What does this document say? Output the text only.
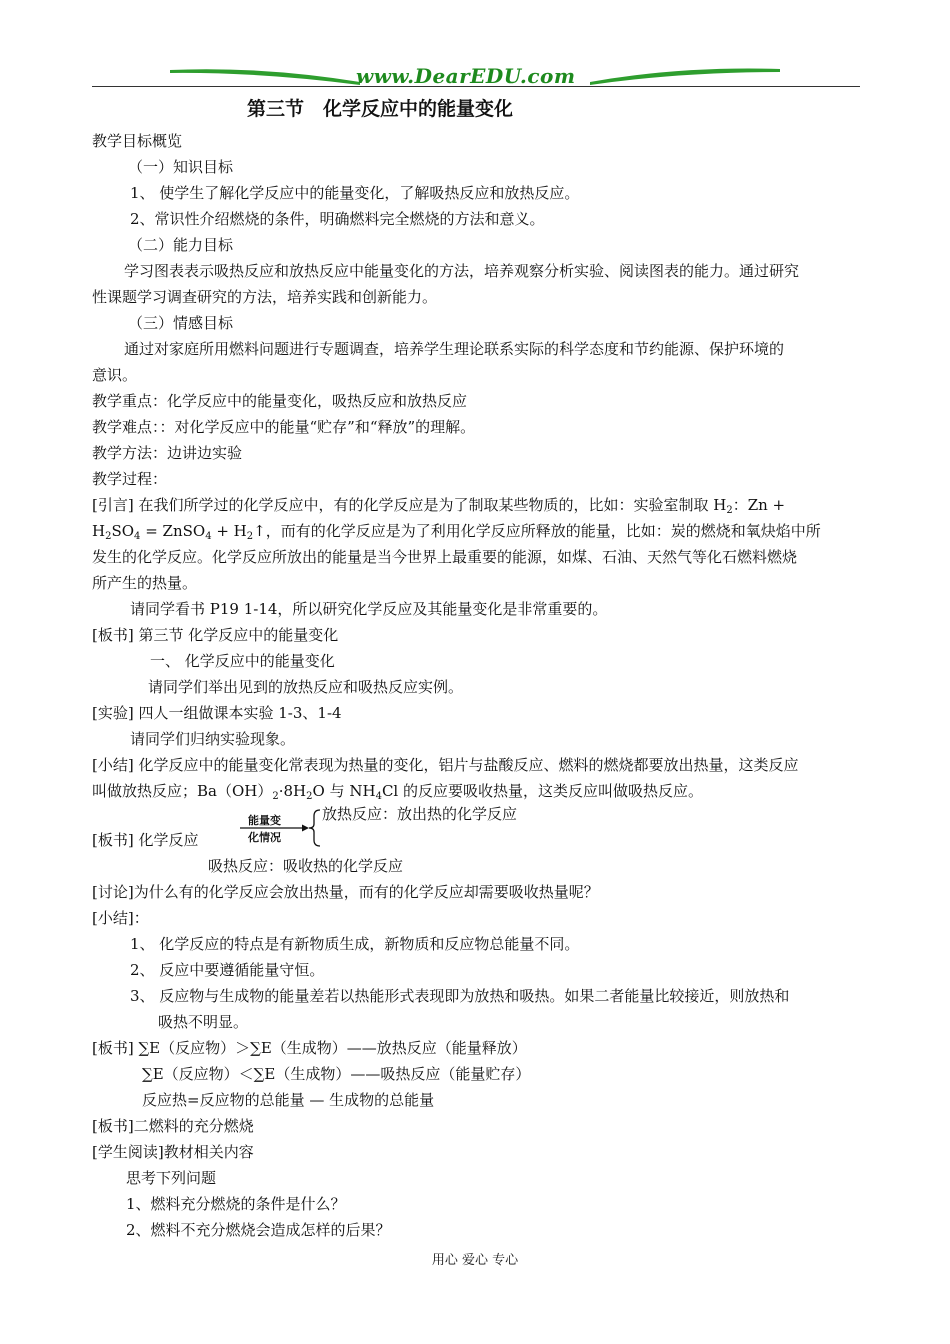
www.DearEDU.com
第三节　化学反应中的能量变化
教学目标概览
（一）知识目标
1、 使学生了解化学反应中的能量变化，了解吸热反应和放热反应。
2、常识性介绍燃烧的条件，明确燃料完全燃烧的方法和意义。
（二）能力目标
学习图表表示吸热反应和放热反应中能量变化的方法，培养观察分析实验、阅读图表的能力。通过研究
性课题学习调查研究的方法，培养实践和创新能力。
（三）情感目标
通过对家庭所用燃料问题进行专题调查，培养学生理论联系实际的科学态度和节约能源、保护环境的
意识。
教学重点：化学反应中的能量变化，吸热反应和放热反应
教学难点：：对化学反应中的能量“贮存”和“释放”的理解。
教学方法：边讲边实验
教学过程：
[引言] 在我们所学过的化学反应中，有的化学反应是为了制取某些物质的，比如：实验室制取 $H_2$：Zn +
$H_2SO_4$ = ZnSO$_4$ + $H_2↑$，而有的化学反应是为了利用化学反应所释放的能量，比如：炭的燃烧和氧炔焰中所
发生的化学反应。化学反应所放出的能量是当今世界上最重要的能源，如煤、石油、天然气等化石燃料燃烧
所产生的热量。
请同学看书 P19 1-14，所以研究化学反应及其能量变化是非常重要的。
[板书] 第三节 化学反应中的能量变化
一、 化学反应中的能量变化
请同学们举出见到的放热反应和吸热反应实例。
[实验] 四人一组做课本实验 1-3、1-4
请同学们归纳实验现象。
[小结] 化学反应中的能量变化常表现为热量的变化，铝片与盐酸反应、燃料的燃烧都要放出热量，这类反应
叫做放热反应；$Ba(OH)_2\cdot 8H_2O$ 与 $NH_4Cl$ 的反应要吸收热量，这类反应叫做吸热反应。
[板书] 化学反应
能量变
化情况
放热反应：放出热的化学反应
吸热反应：吸收热的化学反应
[讨论]为什么有的化学反应会放出热量，而有的化学反应却需要吸收热量呢？
[小结]：
1、 化学反应的特点是有新物质生成，新物质和反应物总能量不同。
2、 反应中要遵循能量守恒。
3、 反应物与生成物的能量差若以热能形式表现即为放热和吸热。如果二者能量比较接近，则放热和
吸热不明显。
[板书] ∑E（反应物）＞∑E（生成物）——放热反应（能量释放）
∑E（反应物）＜∑E（生成物）——吸热反应（能量贮存）
反应热=反应物的总能量 — 生成物的总能量
[板书]二燃料的充分燃烧
[学生阅读]教材相关内容
思考下列问题
1、燃料充分燃烧的条件是什么？
2、燃料不充分燃烧会造成怎样的后果？
用心 爱心 专心
